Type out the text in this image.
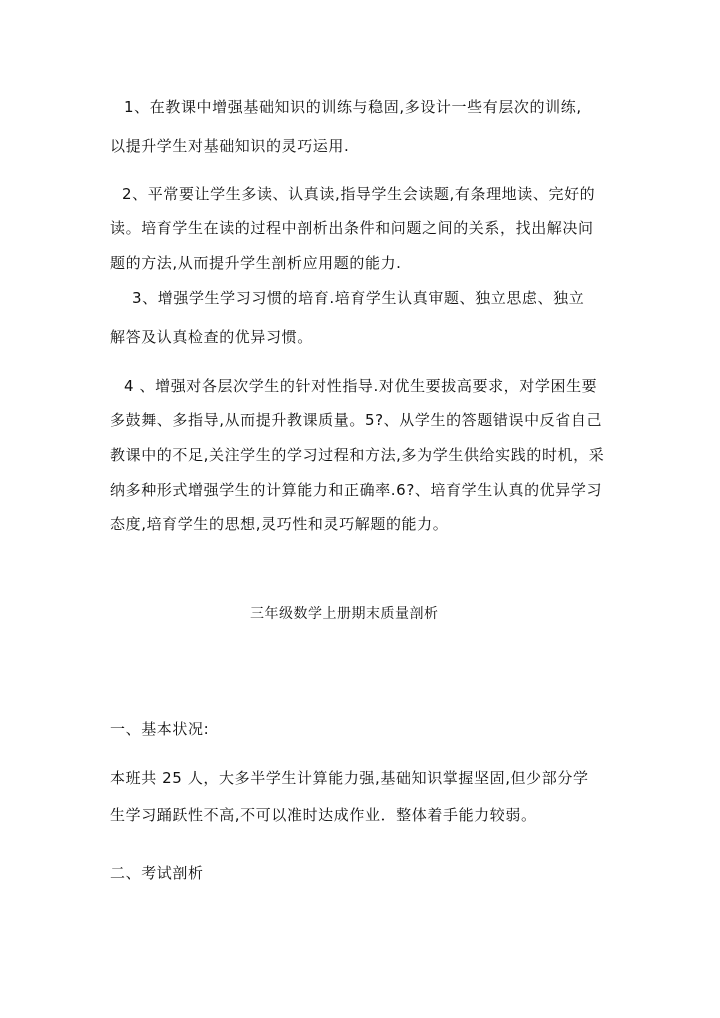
1、在教课中增强基础知识的训练与稳固,多设计一些有层次的训练,
以提升学生对基础知识的灵巧运用.
2、平常要让学生多读、认真读,指导学生会读题,有条理地读、完好的
读。培育学生在读的过程中剖析出条件和问题之间的关系，找出解决问
题的方法,从而提升学生剖析应用题的能力.
3、增强学生学习习惯的培育.培育学生认真审题、独立思虑、独立
解答及认真检查的优异习惯。
4 、增强对各层次学生的针对性指导.对优生要拔高要求，对学困生要
多鼓舞、多指导,从而提升教课质量。5?、从学生的答题错误中反省自己
教课中的不足,关注学生的学习过程和方法,多为学生供给实践的时机，采
纳多种形式增强学生的计算能力和正确率.6?、培育学生认真的优异学习
态度,培育学生的思想,灵巧性和灵巧解题的能力。
三年级数学上册期末质量剖析
一、基本状况:
本班共 25 人，大多半学生计算能力强,基础知识掌握坚固,但少部分学
生学习踊跃性不高,不可以准时达成作业．整体着手能力较弱。
二、考试剖析
